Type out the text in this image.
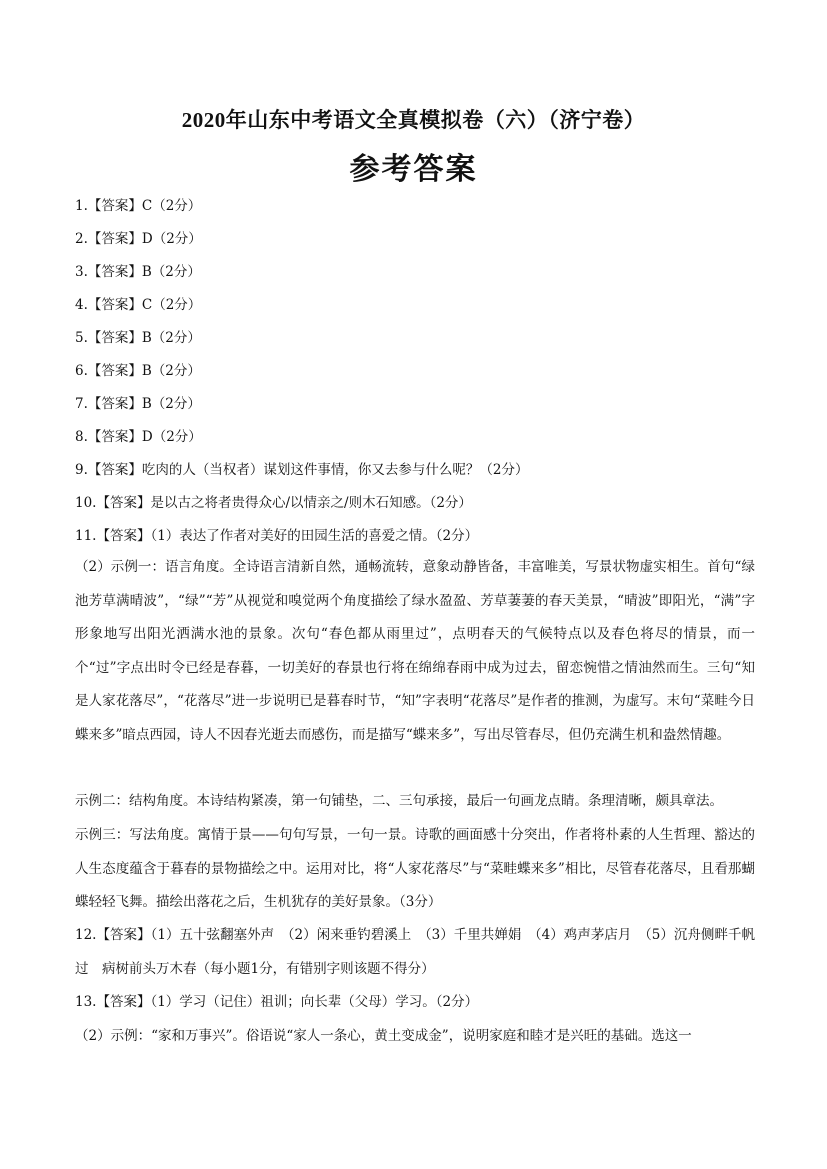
2020年山东中考语文全真模拟卷（六）（济宁卷）
参考答案
1.【答案】C（2分）
2.【答案】D（2分）
3.【答案】B（2分）
4.【答案】C（2分）
5.【答案】B（2分）
6.【答案】B（2分）
7.【答案】B（2分）
8.【答案】D（2分）
9.【答案】吃肉的人（当权者）谋划这件事情，你又去参与什么呢？（2分）
10.【答案】是以古之将者贵得众心/以情亲之/则木石知感。（2分）
11.【答案】（1）表达了作者对美好的田园生活的喜爱之情。（2分）
（2）示例一：语言角度。全诗语言清新自然，通畅流转，意象动静皆备，丰富唯美，写景状物虚实相生。首句“绿池芳草满晴波”，“绿”“芳”从视觉和嗅觉两个角度描绘了绿水盈盈、芳草萋萋的春天美景，“晴波”即阳光，“满”字形象地写出阳光洒满水池的景象。次句“春色都从雨里过”，点明春天的气候特点以及春色将尽的情景，而一个“过”字点出时令已经是春暮，一切美好的春景也行将在绵绵春雨中成为过去，留恋惋惜之情油然而生。三句“知是人家花落尽”，“花落尽”进一步说明已是暮春时节，“知”字表明“花落尽”是作者的推测，为虚写。末句“菜畦今日蝶来多”暗点西园，诗人不因春光逝去而感伤，而是描写“蝶来多”，写出尽管春尽，但仍充满生机和盎然情趣。
示例二：结构角度。本诗结构紧凑，第一句铺垫，二、三句承接，最后一句画龙点睛。条理清晰，颇具章法。
示例三：写法角度。寓情于景——句句写景，一句一景。诗歌的画面感十分突出，作者将朴素的人生哲理、豁达的人生态度蕴含于暮春的景物描绘之中。运用对比，将“人家花落尽”与“菜畦蝶来多”相比，尽管春花落尽，且看那蝴蝶轻轻飞舞。描绘出落花之后，生机犹存的美好景象。（3分）
12.【答案】（1）五十弦翻塞外声　（2）闲来垂钓碧溪上　（3）千里共婵娟　（4）鸡声茅店月　（5）沉舟侧畔千帆过　病树前头万木春（每小题1分，有错别字则该题不得分）
13.【答案】（1）学习（记住）祖训；向长辈（父母）学习。（2分）
（2）示例：“家和万事兴”。俗语说“家人一条心，黄土变成金”，说明家庭和睦才是兴旺的基础。选这一
